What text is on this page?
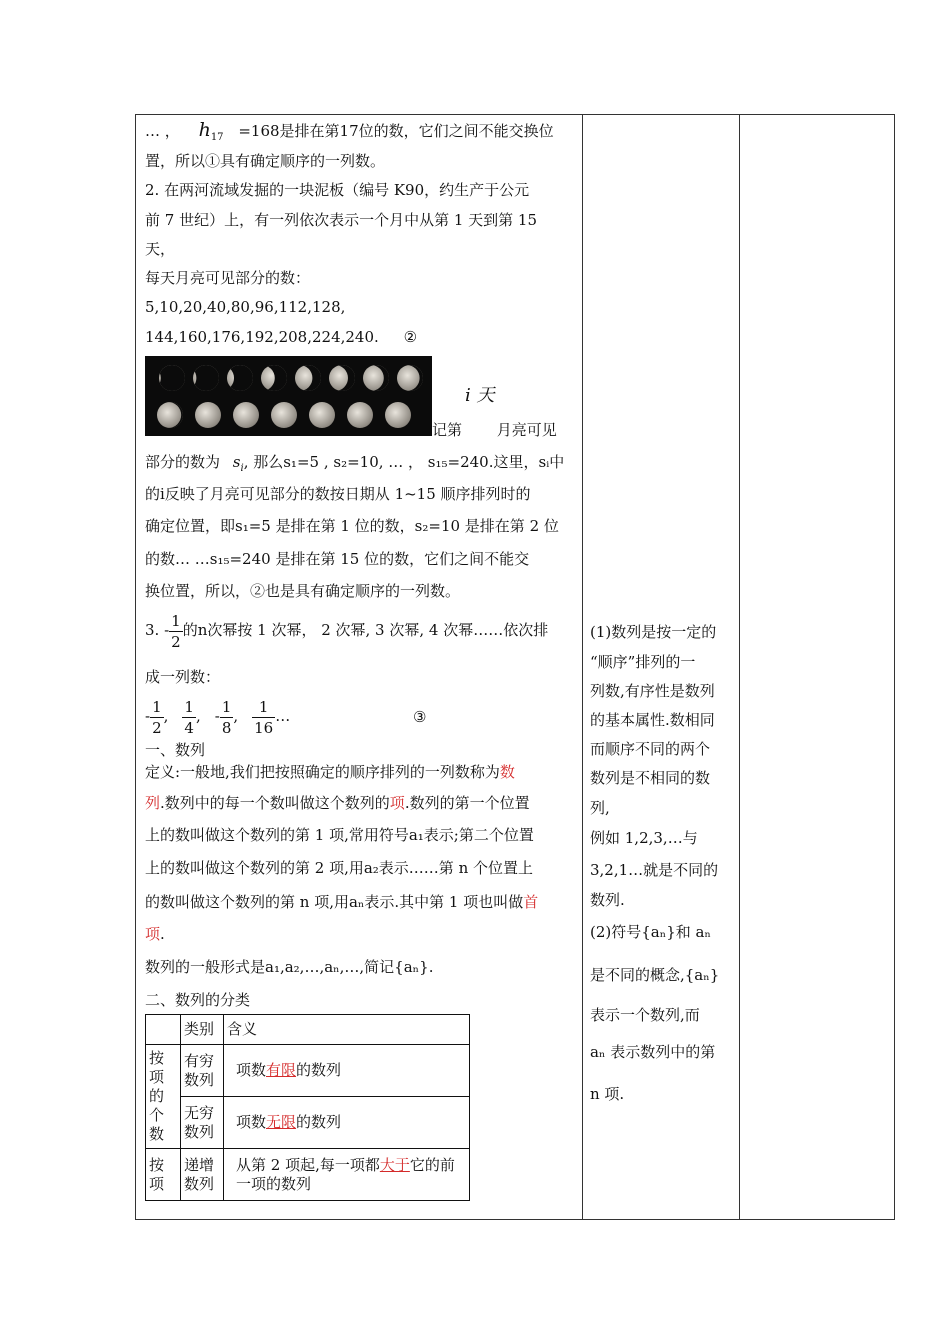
… ， $h_{17} =168$是排在第17位的数，它们之间不能交换位
置，所以①具有确定顺序的一列数。
2. 在两河流域发掘的一块泥板（编号 K90，约生产于公元
前 7 世纪）上，有一列依次表示一个月中从第 1 天到第 15
天，
每天月亮可见部分的数：
5,10,20,40,80,96,112,128,
144,160,176,192,208,224,240. ②
i 天
记第 月亮可见
部分的数为 $s_i$, 那么s₁=5 , s₂=10, … ， s₁₅=240.这里，sᵢ中
的i反映了月亮可见部分的数按日期从 1~15 顺序排列时的
确定位置，即s₁=5 是排在第 1 位的数，s₂=10 是排在第 2 位
的数… …s₁₅=240 是排在第 15 位的数，它们之间不能交
换位置，所以，②也是具有确定顺序的一列数。
3. - $\frac{1}{2}$ 的n次幂按 1 次幂， 2 次幂, 3 次幂, 4 次幂……依次排
成一列数：
- $\frac{1}{2}$ , $\frac{1}{4}$ , - $\frac{1}{8}$ , $\frac{1}{16}$ …	③
一、数列
定义:一般地,我们把按照确定的顺序排列的一列数称为数
列.数列中的每一个数叫做这个数列的项.数列的第一个位置
上的数叫做这个数列的第 1 项,常用符号a₁表示;第二个位置
上的数叫做这个数列的第 2 项,用a₂表示……第 n 个位置上
的数叫做这个数列的第 n 项,用aₙ表示.其中第 1 项也叫做首
项.
数列的一般形式是a₁,a₂,…,aₙ,…,简记{aₙ}.
二、数列的分类
	类别	含义
按项的个数	有穷数列	项数有限的数列
	无穷数列	项数无限的数列
按项	递增数列	从第 2 项起,每一项都大于它的前一项的数列
(1)数列是按一定的
“顺序”排列的一
列数,有序性是数列
的基本属性.数相同
而顺序不同的两个
数列是不相同的数
列,
例如 1,2,3,…与
3,2,1…就是不同的
数列.
(2)符号{aₙ}和 aₙ
是不同的概念,{aₙ}
表示一个数列,而
aₙ 表示数列中的第
n 项.
